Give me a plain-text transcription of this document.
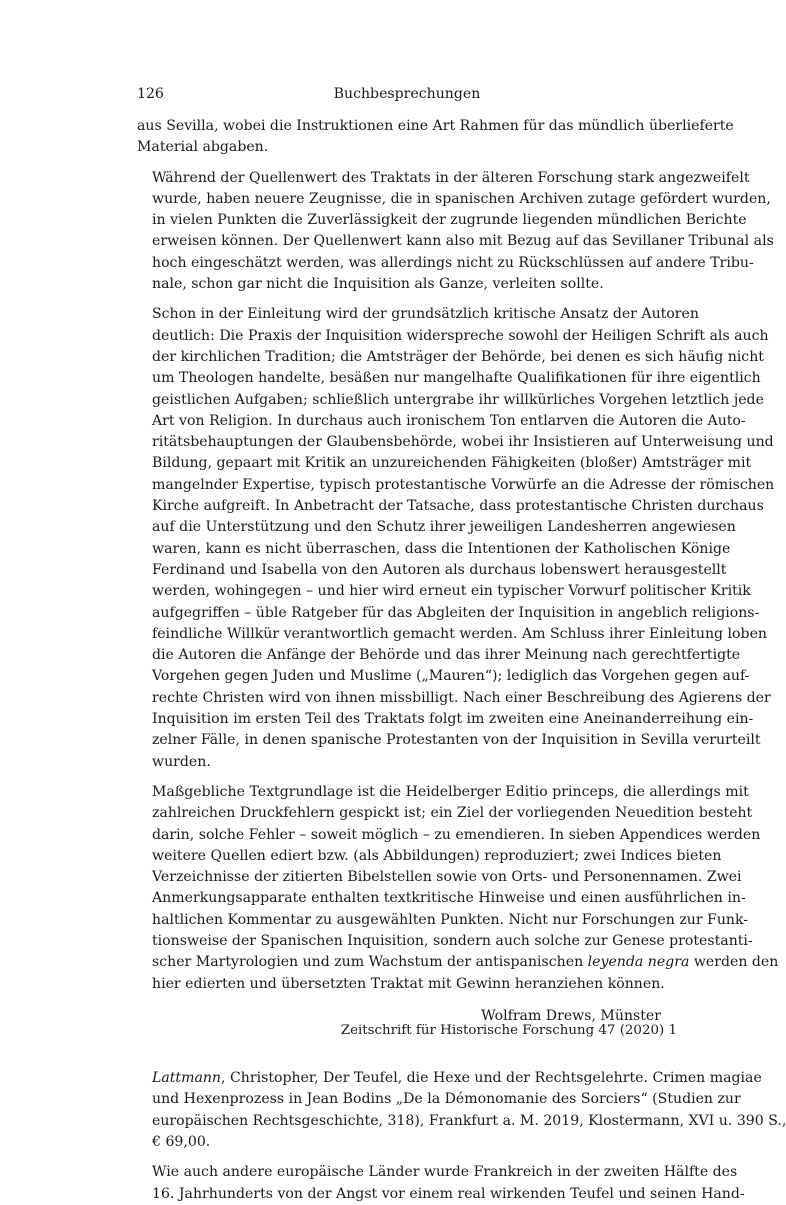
126	Buchbesprechungen

aus Sevilla, wobei die Instruktionen eine Art Rahmen für das mündlich überlieferte
Material abgaben.

Während der Quellenwert des Traktats in der älteren Forschung stark angezweifelt
wurde, haben neuere Zeugnisse, die in spanischen Archiven zutage gefördert wurden,
in vielen Punkten die Zuverlässigkeit der zugrunde liegenden mündlichen Berichte
erweisen können. Der Quellenwert kann also mit Bezug auf das Sevillaner Tribunal als
hoch eingeschätzt werden, was allerdings nicht zu Rückschlüssen auf andere Tribu-
nale, schon gar nicht die Inquisition als Ganze, verleiten sollte.

Schon in der Einleitung wird der grundsätzlich kritische Ansatz der Autoren
deutlich: Die Praxis der Inquisition widerspreche sowohl der Heiligen Schrift als auch
der kirchlichen Tradition; die Amtsträger der Behörde, bei denen es sich häufig nicht
um Theologen handelte, besäßen nur mangelhafte Qualifikationen für ihre eigentlich
geistlichen Aufgaben; schließlich untergrabe ihr willkürliches Vorgehen letztlich jede
Art von Religion. In durchaus auch ironischem Ton entlarven die Autoren die Auto-
ritätsbehauptungen der Glaubensbehörde, wobei ihr Insistieren auf Unterweisung und
Bildung, gepaart mit Kritik an unzureichenden Fähigkeiten (bloßer) Amtsträger mit
mangelnder Expertise, typisch protestantische Vorwürfe an die Adresse der römischen
Kirche aufgreift. In Anbetracht der Tatsache, dass protestantische Christen durchaus
auf die Unterstützung und den Schutz ihrer jeweiligen Landesherren angewiesen
waren, kann es nicht überraschen, dass die Intentionen der Katholischen Könige
Ferdinand und Isabella von den Autoren als durchaus lobenswert herausgestellt
werden, wohingegen – und hier wird erneut ein typischer Vorwurf politischer Kritik
aufgegriffen – üble Ratgeber für das Abgleiten der Inquisition in angeblich religions-
feindliche Willkür verantwortlich gemacht werden. Am Schluss ihrer Einleitung loben
die Autoren die Anfänge der Behörde und das ihrer Meinung nach gerechtfertigte
Vorgehen gegen Juden und Muslime („Mauren“); lediglich das Vorgehen gegen auf-
rechte Christen wird von ihnen missbilligt. Nach einer Beschreibung des Agierens der
Inquisition im ersten Teil des Traktats folgt im zweiten eine Aneinanderreihung ein-
zelner Fälle, in denen spanische Protestanten von der Inquisition in Sevilla verurteilt
wurden.

Maßgebliche Textgrundlage ist die Heidelberger Editio princeps, die allerdings mit
zahlreichen Druckfehlern gespickt ist; ein Ziel der vorliegenden Neuedition besteht
darin, solche Fehler – soweit möglich – zu emendieren. In sieben Appendices werden
weitere Quellen ediert bzw. (als Abbildungen) reproduziert; zwei Indices bieten
Verzeichnisse der zitierten Bibelstellen sowie von Orts- und Personennamen. Zwei
Anmerkungsapparate enthalten textkritische Hinweise und einen ausführlichen in-
haltlichen Kommentar zu ausgewählten Punkten. Nicht nur Forschungen zur Funk-
tionsweise der Spanischen Inquisition, sondern auch solche zur Genese protestanti-
scher Martyrologien und zum Wachstum der antispanischen leyenda negra werden den
hier edierten und übersetzten Traktat mit Gewinn heranziehen können.

Wolfram Drews, Münster

Lattmann, Christopher, Der Teufel, die Hexe und der Rechtsgelehrte. Crimen magiae
und Hexenprozess in Jean Bodins „De la Démonomanie des Sorciers“ (Studien zur
europäischen Rechtsgeschichte, 318), Frankfurt a. M. 2019, Klostermann, XVI u. 390 S.,
€ 69,00.

Wie auch andere europäische Länder wurde Frankreich in der zweiten Hälfte des
16. Jahrhunderts von der Angst vor einem real wirkenden Teufel und seinen Hand-

Zeitschrift für Historische Forschung 47 (2020) 1
